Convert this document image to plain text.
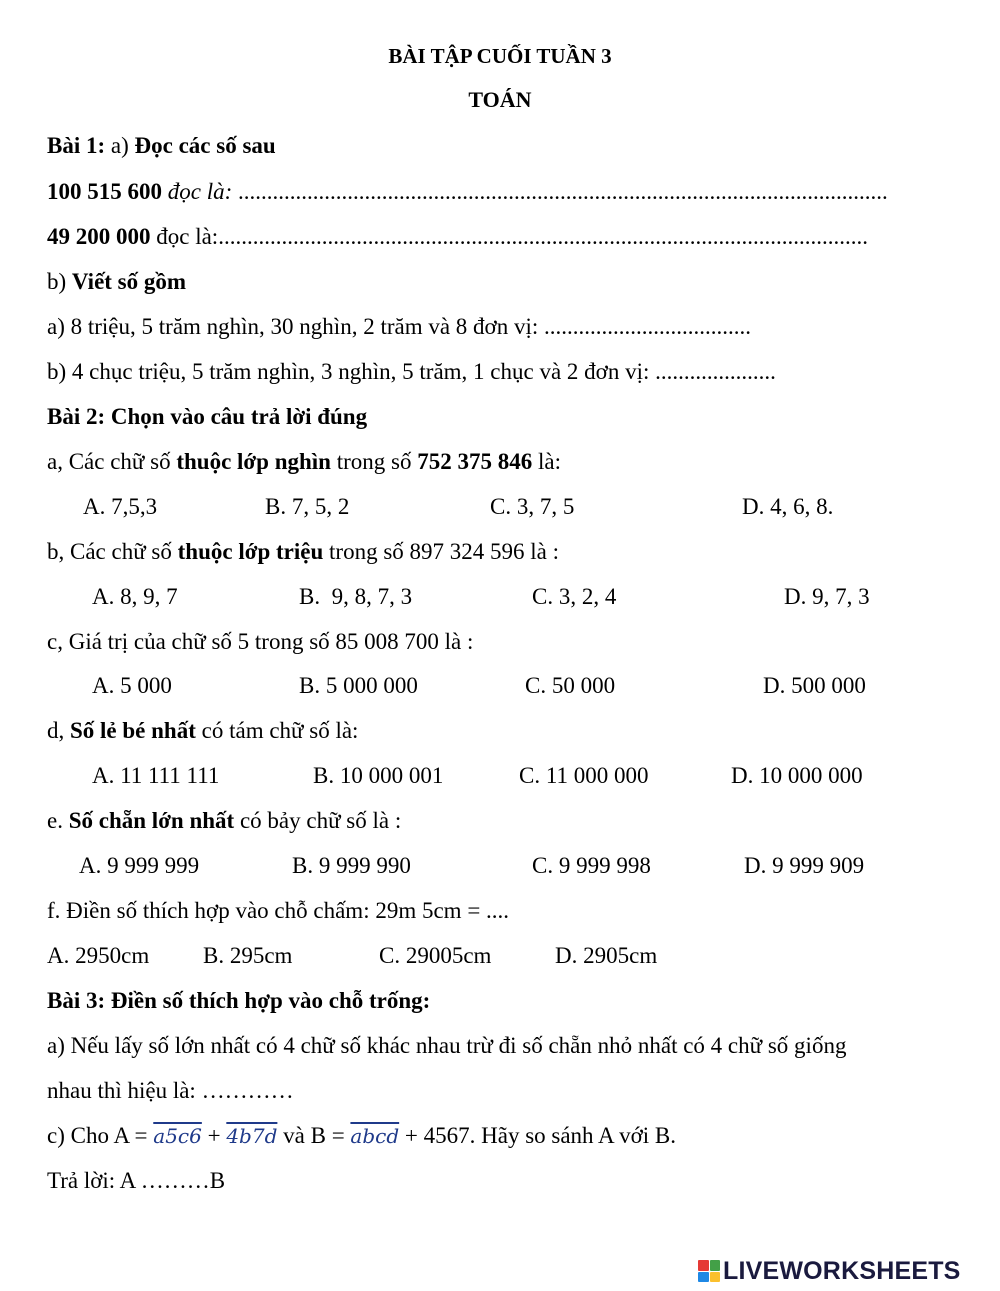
BÀI TẬP CUỐI TUẦN 3
TOÁN
Bài 1: a) Đọc các số sau
100 515 600 đọc là: .................................................................................................................
49 200 000 đọc là:.................................................................................................................
b) Viết số gồm
a) 8 triệu, 5 trăm nghìn, 30 nghìn, 2 trăm và 8 đơn vị: ....................................
b) 4 chục triệu, 5 trăm nghìn, 3 nghìn, 5 trăm, 1 chục và 2 đơn vị: .....................
Bài 2: Chọn vào câu trả lời đúng
a, Các chữ số thuộc lớp nghìn trong số 752 375 846 là:
A. 7,5,3	B. 7, 5, 2	C. 3, 7, 5	D. 4, 6, 8.
b, Các chữ số thuộc lớp triệu trong số 897 324 596 là :
A. 8, 9, 7	B.  9, 8, 7, 3	C. 3, 2, 4	D. 9, 7, 3
c, Giá trị của chữ số 5 trong số 85 008 700 là :
A. 5 000	B. 5 000 000	C. 50 000	D. 500 000
d, Số lẻ bé nhất có tám chữ số là:
A. 11 111 111	B. 10 000 001	C. 11 000 000	D. 10 000 000
e. Số chẵn lớn nhất có bảy chữ số là :
A. 9 999 999	B. 9 999 990	C. 9 999 998	D. 9 999 909
f. Điền số thích hợp vào chỗ chấm: 29m 5cm = ....
A. 2950cm B. 295cm	C. 29005cm	D. 2905cm
Bài 3: Điền số thích hợp vào chỗ trống:
a) Nếu lấy số lớn nhất có 4 chữ số khác nhau trừ đi số chẵn nhỏ nhất có 4 chữ số giống
nhau thì hiệu là: …………
c) Cho A = a5c6 + 4b7d và B = abcd + 4567. Hãy so sánh A với B.
Trả lời: A ………B
LIVEWORKSHEETS
